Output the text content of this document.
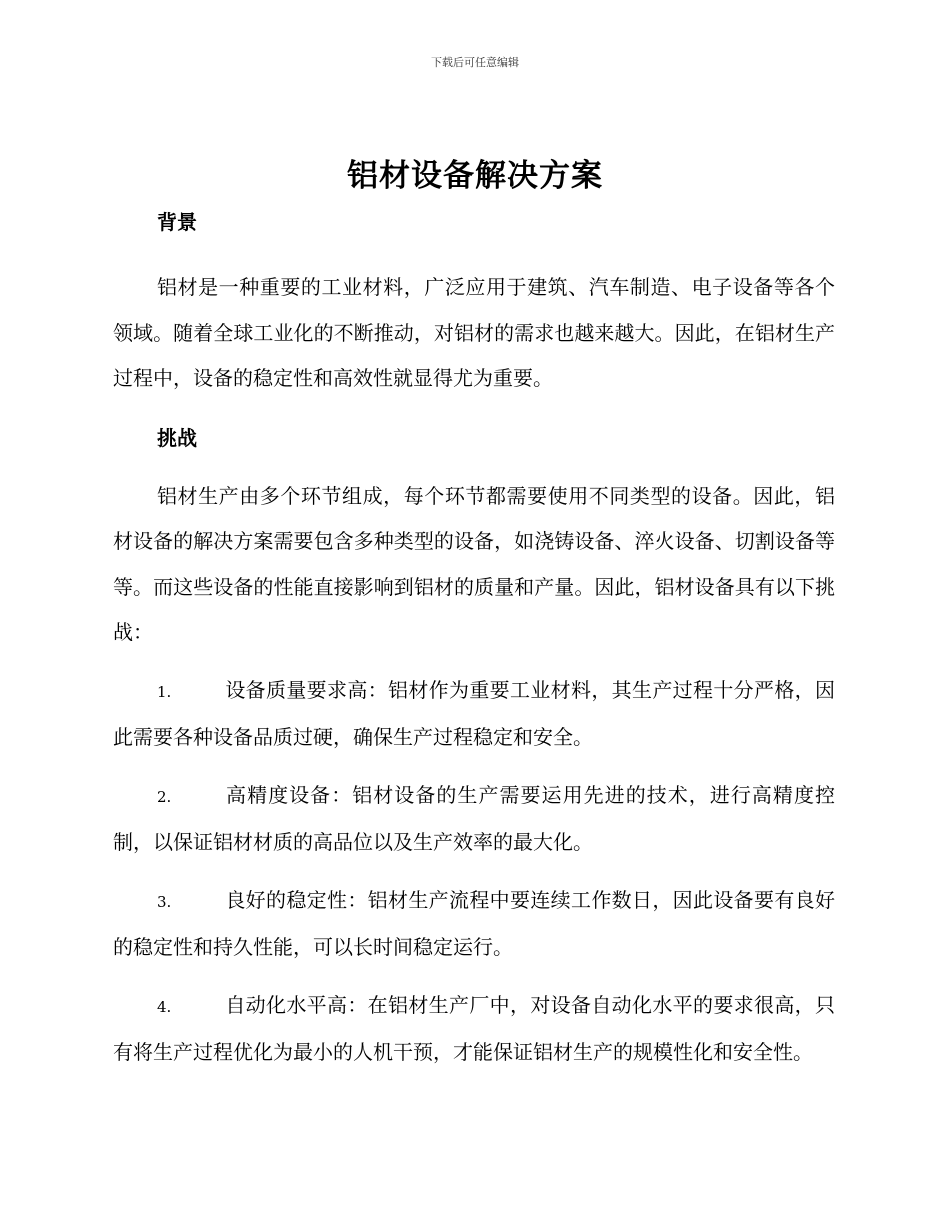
下载后可任意编辑
铝材设备解决方案
背景

铝材是一种重要的工业材料，广泛应用于建筑、汽车制造、电子设备等各个领域。随着全球工业化的不断推动，对铝材的需求也越来越大。因此，在铝材生产过程中，设备的稳定性和高效性就显得尤为重要。

挑战

铝材生产由多个环节组成，每个环节都需要使用不同类型的设备。因此，铝材设备的解决方案需要包含多种类型的设备，如浇铸设备、淬火设备、切割设备等等。而这些设备的性能直接影响到铝材的质量和产量。因此，铝材设备具有以下挑战：

1.	设备质量要求高：铝材作为重要工业材料，其生产过程十分严格，因此需要各种设备品质过硬，确保生产过程稳定和安全。

2.	高精度设备：铝材设备的生产需要运用先进的技术，进行高精度控制，以保证铝材材质的高品位以及生产效率的最大化。

3.	良好的稳定性：铝材生产流程中要连续工作数日，因此设备要有良好的稳定性和持久性能，可以长时间稳定运行。

4.	自动化水平高：在铝材生产厂中，对设备自动化水平的要求很高，只有将生产过程优化为最小的人机干预，才能保证铝材生产的规模性化和安全性。
